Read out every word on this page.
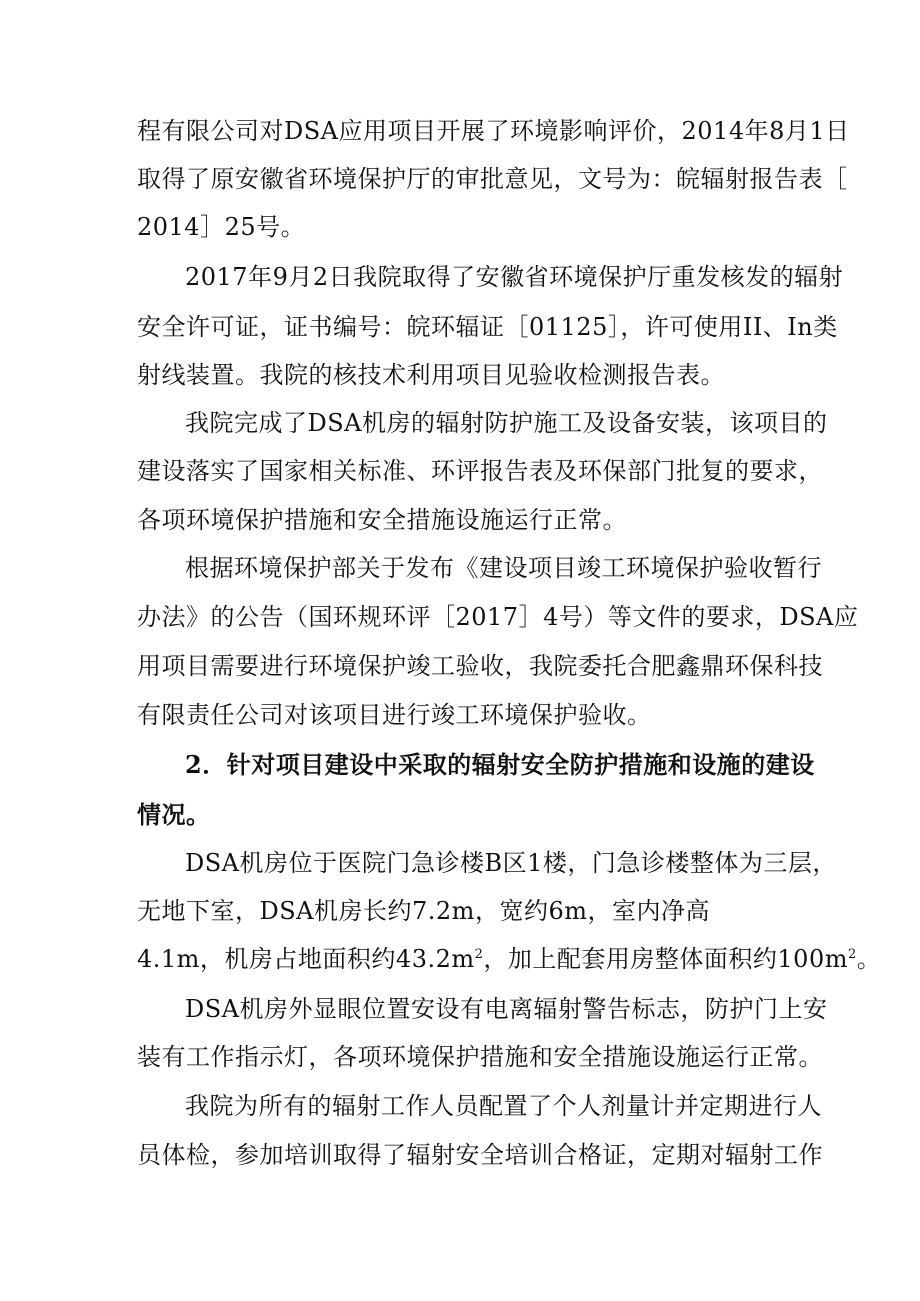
程有限公司对DSA应用项目开展了环境影响评价，2014年8月1日
取得了原安徽省环境保护厅的审批意见，文号为：皖辐射报告表［
2014］25号。
2017年9月2日我院取得了安徽省环境保护厅重发核发的辐射
安全许可证，证书编号：皖环辐证［01125］，许可使用II、In类
射线装置。我院的核技术利用项目见验收检测报告表。
我院完成了DSA机房的辐射防护施工及设备安装，该项目的
建设落实了国家相关标准、环评报告表及环保部门批复的要求，
各项环境保护措施和安全措施设施运行正常。
根据环境保护部关于发布《建设项目竣工环境保护验收暂行
办法》的公告（国环规环评［2017］4号）等文件的要求，DSA应
用项目需要进行环境保护竣工验收，我院委托合肥鑫鼎环保科技
有限责任公司对该项目进行竣工环境保护验收。
2．针对项目建设中采取的辐射安全防护措施和设施的建设
情况。
DSA机房位于医院门急诊楼B区1楼，门急诊楼整体为三层，
无地下室，DSA机房长约7.2m，宽约6m，室内净高
4.1m，机房占地面积约$43.2m^2$，加上配套用房整体面积约$100m^2$。
DSA机房外显眼位置安设有电离辐射警告标志，防护门上安
装有工作指示灯，各项环境保护措施和安全措施设施运行正常。
我院为所有的辐射工作人员配置了个人剂量计并定期进行人
员体检，参加培训取得了辐射安全培训合格证，定期对辐射工作
